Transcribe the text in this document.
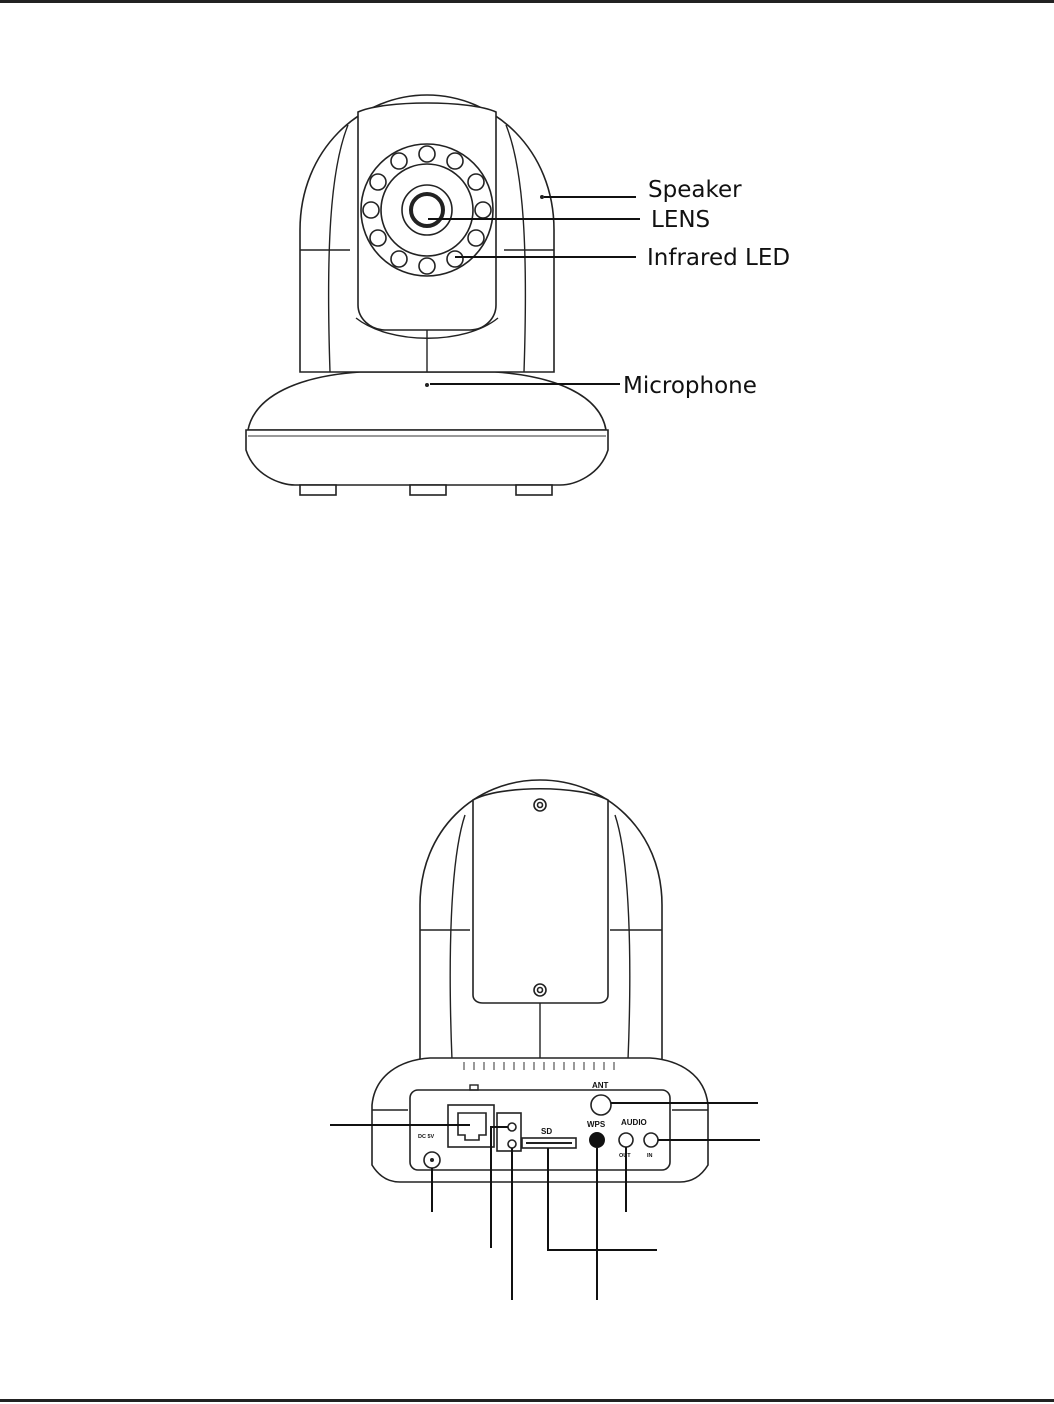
Speaker
LENS
Infrared LED
Microphone
DC 5V
SD
WPS
ANT
AUDIO
OUT	IN
